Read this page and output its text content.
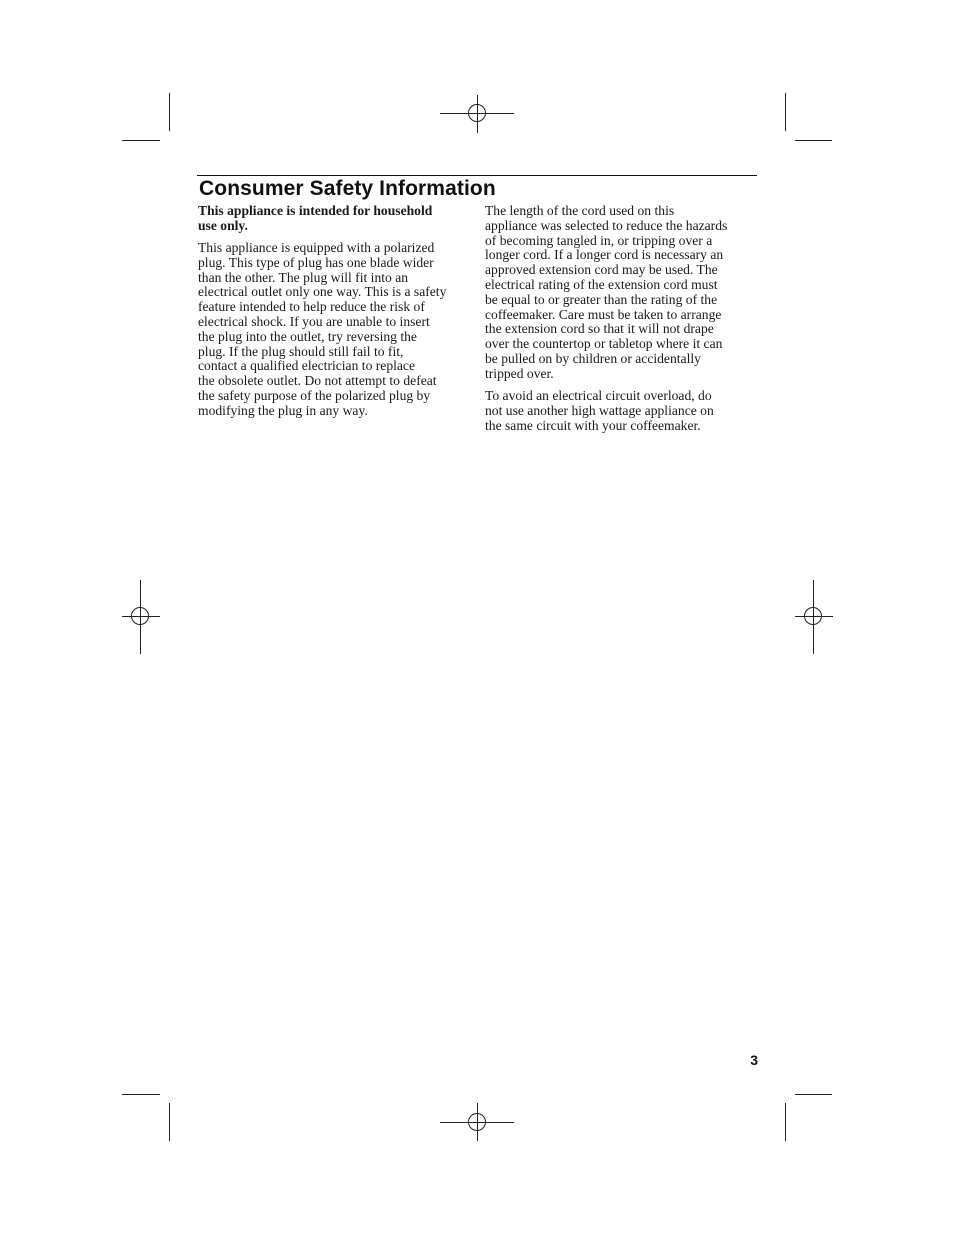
Consumer Safety Information

This appliance is intended for household
use only.

This appliance is equipped with a polarized
plug. This type of plug has one blade wider
than the other. The plug will fit into an
electrical outlet only one way. This is a safety
feature intended to help reduce the risk of
electrical shock. If you are unable to insert
the plug into the outlet, try reversing the
plug. If the plug should still fail to fit,
contact a qualified electrician to replace
the obsolete outlet. Do not attempt to defeat
the safety purpose of the polarized plug by
modifying the plug in any way.

The length of the cord used on this
appliance was selected to reduce the hazards
of becoming tangled in, or tripping over a
longer cord. If a longer cord is necessary an
approved extension cord may be used. The
electrical rating of the extension cord must
be equal to or greater than the rating of the
coffeemaker. Care must be taken to arrange
the extension cord so that it will not drape
over the countertop or tabletop where it can
be pulled on by children or accidentally
tripped over.

To avoid an electrical circuit overload, do
not use another high wattage appliance on
the same circuit with your coffeemaker.

3
